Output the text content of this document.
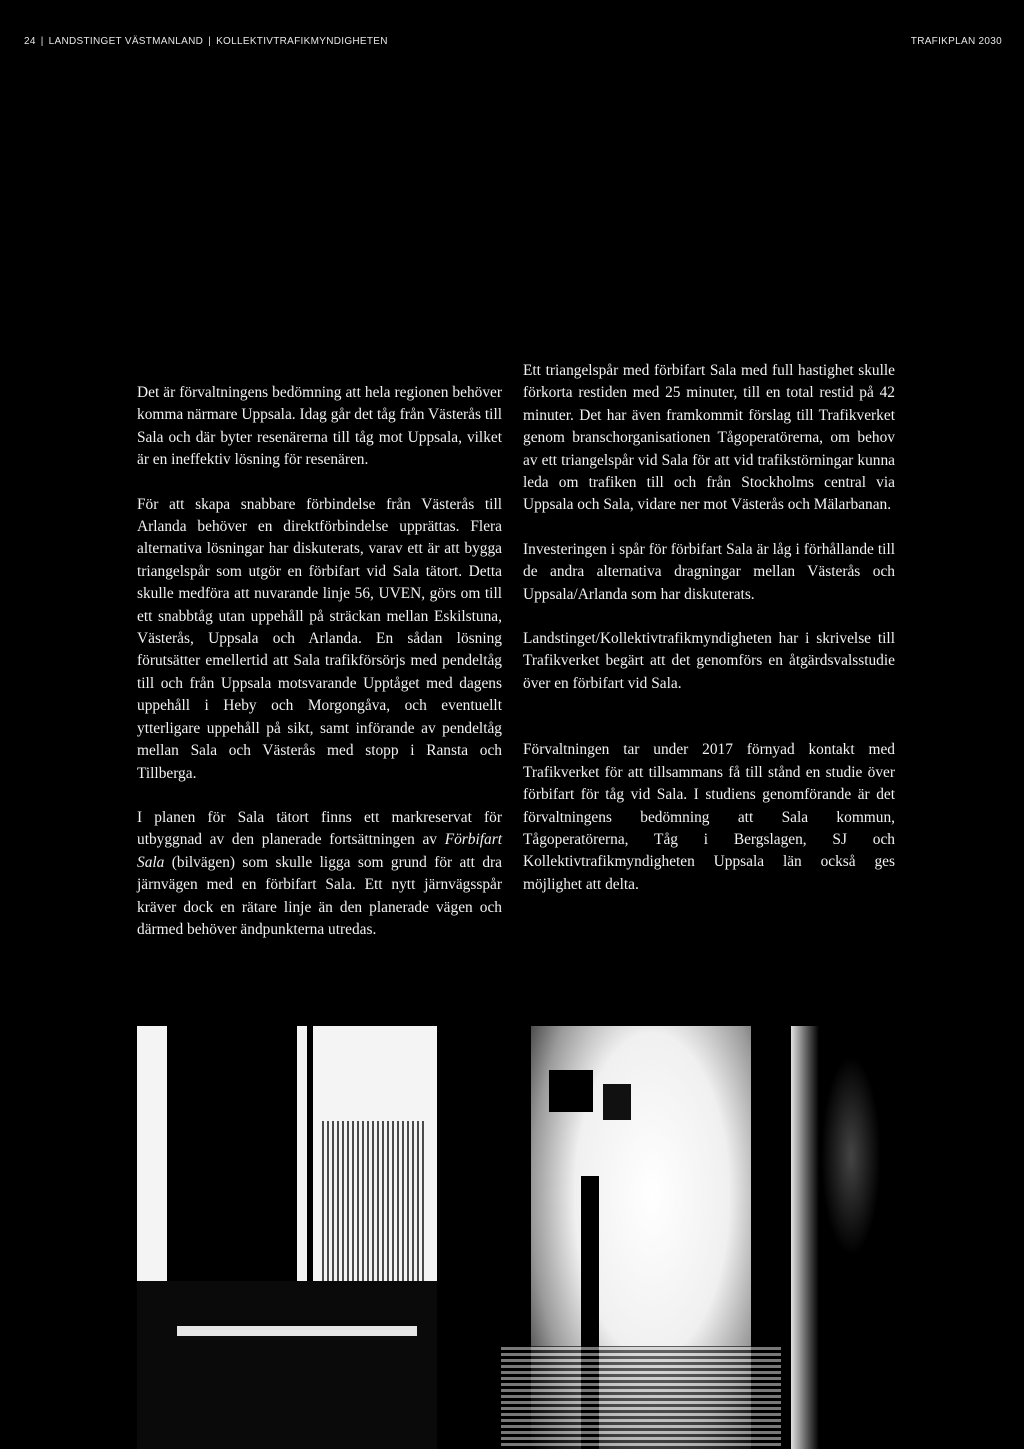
24 | LANDSTINGET VÄSTMANLAND | KOLLEKTIVTRAFIKMYNDIGHETEN	TRAFIKPLAN 2030

Det är förvaltningens bedömning att hela regionen behöver komma närmare Uppsala. Idag går det tåg från Västerås till Sala och där byter resenärerna till tåg mot Uppsala, vilket är en ineffektiv lösning för resenären.

För att skapa snabbare förbindelse från Västerås till Arlanda behöver en direktförbindelse upprättas. Flera alternativa lösningar har diskuterats, varav ett är att bygga triangelspår som utgör en förbifart vid Sala tätort. Detta skulle medföra att nuvarande linje 56, UVEN, görs om till ett snabbtåg utan uppehåll på sträckan mellan Eskilstuna, Västerås, Uppsala och Arlanda. En sådan lösning förutsätter emellertid att Sala trafikförsörjs med pendeltåg till och från Uppsala motsvarande Upptåget med dagens uppehåll i Heby och Morgongåva, och eventuellt ytterligare uppehåll på sikt, samt införande av pendeltåg mellan Sala och Västerås med stopp i Ransta och Tillberga.

I planen för Sala tätort finns ett markreservat för utbyggnad av den planerade fortsättningen av Förbifart Sala (bilvägen) som skulle ligga som grund för att dra järnvägen med en förbifart Sala. Ett nytt järnvägsspår kräver dock en rätare linje än den planerade vägen och därmed behöver ändpunkterna utredas.

Ett triangelspår med förbifart Sala med full hastighet skulle förkorta restiden med 25 minuter, till en total restid på 42 minuter. Det har även framkommit förslag till Trafikverket genom branschorganisationen Tågoperatörerna, om behov av ett triangelspår vid Sala för att vid trafikstörningar kunna leda om trafiken till och från Stockholms central via Uppsala och Sala, vidare ner mot Västerås och Mälarbanan.

Investeringen i spår för förbifart Sala är låg i förhållande till de andra alternativa dragningar mellan Västerås och Uppsala/Arlanda som har diskuterats.

Landstinget/Kollektivtrafikmyndigheten har i skrivelse till Trafikverket begärt att det genomförs en åtgärdsvalsstudie över en förbifart vid Sala.

Förvaltningen tar under 2017 förnyad kontakt med Trafikverket för att tillsammans få till stånd en studie över förbifart för tåg vid Sala. I studiens genomförande är det förvaltningens bedömning att Sala kommun, Tågoperatörerna, Tåg i Bergslagen, SJ och Kollektivtrafikmyndigheten Uppsala län också ges möjlighet att delta.
